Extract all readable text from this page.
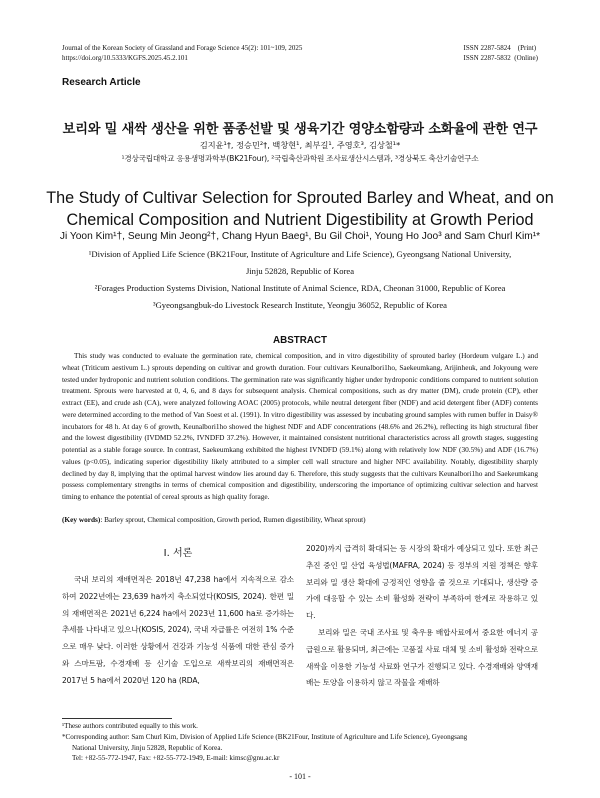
Journal of the Korean Society of Grassland and Forage Science 45(2): 101~109, 2025
https://doi.org/10.5333/KGFS.2025.45.2.101
ISSN 2287-5824    (Print)
ISSN 2287-5832  (Online)
Research Article
보리와 밀 새싹 생산을 위한 품종선발 및 생육기간 영양소함량과 소화율에 관한 연구
김지윤¹†, 정승민²†, 백창현¹, 최부길¹, 주영호³, 김상철¹*
¹경상국립대학교 응용생명과학부(BK21Four), ²국립축산과학원 조사료생산시스템과, ³경상북도 축산기술연구소
The Study of Cultivar Selection for Sprouted Barley and Wheat, and on
Chemical Composition and Nutrient Digestibility at Growth Period
Ji Yoon Kim¹†, Seung Min Jeong²†, Chang Hyun Baeg¹, Bu Gil Choi¹, Young Ho Joo³ and Sam Churl Kim¹*
¹Division of Applied Life Science (BK21Four, Institute of Agriculture and Life Science), Gyeongsang National University,
Jinju 52828, Republic of Korea
²Forages Production Systems Division, National Institute of Animal Science, RDA, Cheonan 31000, Republic of Korea
³Gyeongsangbuk-do Livestock Research Institute, Yeongju 36052, Republic of Korea
ABSTRACT
This study was conducted to evaluate the germination rate, chemical composition, and in vitro digestibility of sprouted barley (Hordeum vulgare L.) and wheat (Triticum aestivum L.) sprouts depending on cultivar and growth duration. Four cultivars Keunalbori1ho, Saekeumkang, Arijinheuk, and Jokyoung were tested under hydroponic and nutrient solution conditions. The germination rate was significantly higher under hydroponic conditions compared to nutrient solution treatment. Sprouts were harvested at 0, 4, 6, and 8 days for subsequent analysis. Chemical compositions, such as dry matter (DM), crude protein (CP), ether extract (EE), and crude ash (CA), were analyzed following AOAC (2005) protocols, while neutral detergent fiber (NDF) and acid detergent fiber (ADF) contents were determined according to the method of Van Soest et al. (1991). In vitro digestibility was assessed by incubating ground samples with rumen buffer in Daisy® incubators for 48 h. At day 6 of growth, Keunalbori1ho showed the highest NDF and ADF concentrations (48.6% and 26.2%), reflecting its high structural fiber and the lowest digestibility (IVDMD 52.2%, IVNDFD 37.2%). However, it maintained consistent nutritional characteristics across all growth stages, suggesting potential as a stable forage source. In contrast, Saekeumkang exhibited the highest IVNDFD (59.1%) along with relatively low NDF (30.5%) and ADF (16.7%) values (p<0.05), indicating superior digestibility likely attributed to a simpler cell wall structure and higher NFC availability. Notably, digestibility sharply declined by day 8, implying that the optimal harvest window lies around day 6. Therefore, this study suggests that the cultivars Keunalbori1ho and Saekeumkang possess complementary strengths in terms of chemical composition and digestibility, underscoring the importance of optimizing cultivar selection and harvest timing to enhance the potential of cereal sprouts as high quality forage.
(Key words): Barley sprout, Chemical composition, Growth period, Rumen digestibility, Wheat sprout)
Ⅰ. 서론
국내 보리의 재배면적은 2018년 47,238 ha에서 지속적으로 감소하여 2022년에는 23,639 ha까지 축소되었다(KOSIS, 2024). 한편 밀의 재배면적은 2021년 6,224 ha에서 2023년 11,600 ha로 증가하는 추세를 나타내고 있으나(KOSIS, 2024), 국내 자급률은 여전히 1% 수준으로 매우 낮다. 이러한 상황에서 건강과 기능성 식품에 대한 관심 증가와 스마트팜, 수경재배 등 신기술 도입으로 새싹보리의 재배면적은 2017년 5 ha에서 2020년 120 ha (RDA,

2020)까지 급격히 확대되는 등 시장의 확대가 예상되고 있다. 또한 최근 추진 중인 밀 산업 육성법(MAFRA, 2024) 등 정부의 지원 정책은 향후 보리와 밀 생산 확대에 긍정적인 영향을 줄 것으로 기대되나, 생산량 증가에 대응할 수 있는 소비 활성화 전략이 부족하여 한계로 작용하고 있다.

보리와 밀은 국내 조사료 및 축우용 배합사료에서 중요한 에너지 공급원으로 활용되며, 최근에는 고품질 사료 대체 및 소비 활성화 전략으로 새싹을 이용한 기능성 사료화 연구가 진행되고 있다. 수경재배와 양액재배는 토양을 이용하지 않고 작물을 재배하

¹These authors contributed equally to this work.
*Corresponding author: Sam Churl Kim, Division of Applied Life Science (BK21Four, Institute of Agriculture and Life Science), Gyeongsang
National University, Jinju 52828, Republic of Korea.
Tel: +82-55-772-1947, Fax: +82-55-772-1949, E-mail: kimsc@gnu.ac.kr
- 101 -
